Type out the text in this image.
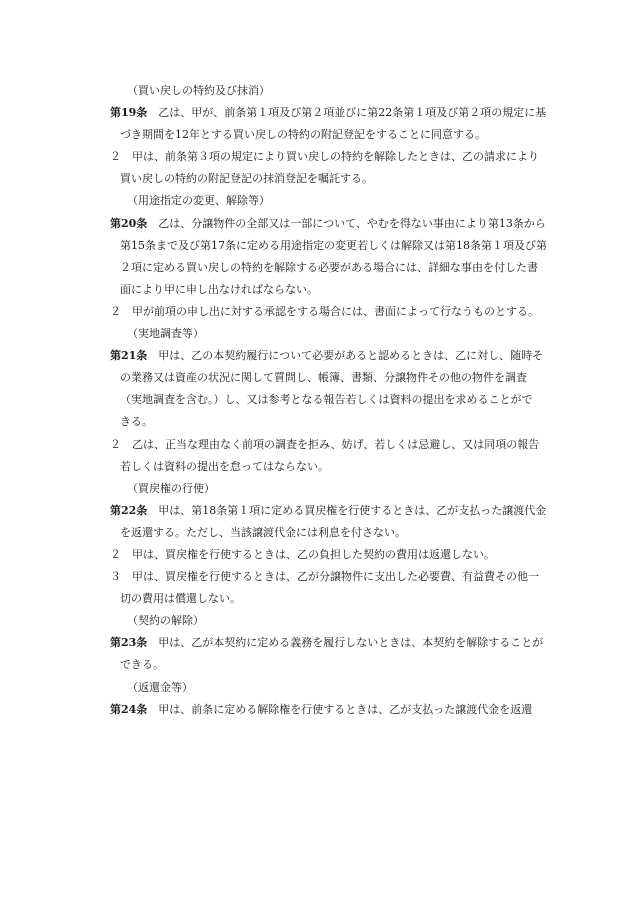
（買い戻しの特約及び抹消）
第19条　乙は、甲が、前条第１項及び第２項並びに第22条第１項及び第２項の規定に基
づき期間を12年とする買い戻しの特約の附記登記をすることに同意する。
２　甲は、前条第３項の規定により買い戻しの特約を解除したときは、乙の請求により
買い戻しの特約の附記登記の抹消登記を嘱託する。
（用途指定の変更、解除等）
第20条　乙は、分譲物件の全部又は一部について、やむを得ない事由により第13条から
第15条まで及び第17条に定める用途指定の変更若しくは解除又は第18条第１項及び第
２項に定める買い戻しの特約を解除する必要がある場合には、詳細な事由を付した書
面により甲に申し出なければならない。
２　甲が前項の申し出に対する承認をする場合には、書面によって行なうものとする。
（実地調査等）
第21条　甲は、乙の本契約履行について必要があると認めるときは、乙に対し、随時そ
の業務又は資産の状況に関して質問し、帳簿、書類、分譲物件その他の物件を調査
（実地調査を含む。）し、又は参考となる報告若しくは資料の提出を求めることがで
きる。
２　乙は、正当な理由なく前項の調査を拒み、妨げ、若しくは忌避し、又は同項の報告
若しくは資料の提出を怠ってはならない。
（買戻権の行使）
第22条　甲は、第18条第１項に定める買戻権を行使するときは、乙が支払った譲渡代金
を返還する。ただし、当該譲渡代金には利息を付さない。
２　甲は、買戻権を行使するときは、乙の負担した契約の費用は返還しない。
３　甲は、買戻権を行使するときは、乙が分譲物件に支出した必要費、有益費その他一
切の費用は償還しない。
（契約の解除）
第23条　甲は、乙が本契約に定める義務を履行しないときは、本契約を解除することが
できる。
（返還金等）
第24条　甲は、前条に定める解除権を行使するときは、乙が支払った譲渡代金を返還
